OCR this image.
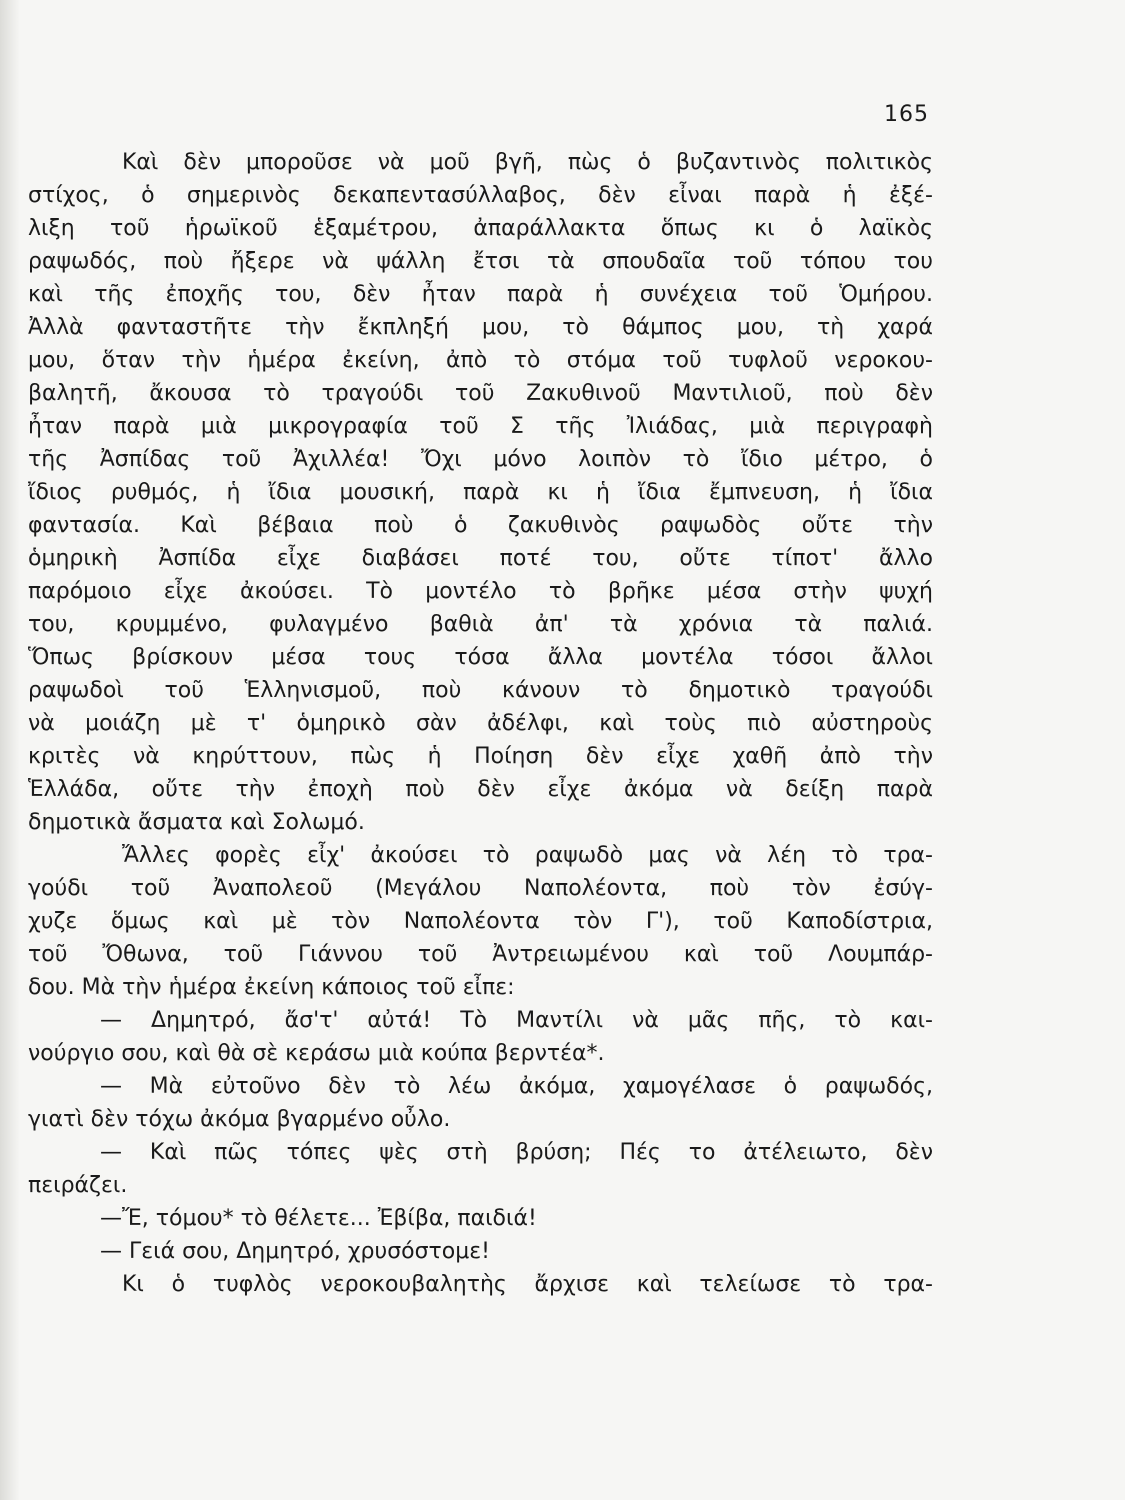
165
Καὶ δὲν μποροῦσε νὰ μοῦ βγῆ, πὼς ὁ βυζαντινὸς πολιτικὸς
στίχος, ὁ σημερινὸς δεκαπεντασύλλαβος, δὲν εἶναι παρὰ ἡ ἐξέ-
λιξη τοῦ ἡρωϊκοῦ ἑξαμέτρου, ἀπαράλλακτα ὅπως κι ὁ λαϊκὸς
ραψωδός, ποὺ ἤξερε νὰ ψάλλη ἔτσι τὰ σπουδαῖα τοῦ τόπου του
καὶ τῆς ἐποχῆς του, δὲν ἦταν παρὰ ἡ συνέχεια τοῦ Ὁμήρου.
Ἀλλὰ φανταστῆτε τὴν ἔκπληξή μου, τὸ θάμπος μου, τὴ χαρά
μου, ὅταν τὴν ἡμέρα ἐκείνη, ἀπὸ τὸ στόμα τοῦ τυφλοῦ νεροκου-
βαλητῆ, ἄκουσα τὸ τραγούδι τοῦ Ζακυθινοῦ Μαντιλιοῦ, ποὺ δὲν
ἦταν παρὰ μιὰ μικρογραφία τοῦ Σ τῆς Ἰλιάδας, μιὰ περιγραφὴ
τῆς Ἀσπίδας τοῦ Ἀχιλλέα! Ὄχι μόνο λοιπὸν τὸ ἴδιο μέτρο, ὁ
ἴδιος ρυθμός, ἡ ἴδια μουσική, παρὰ κι ἡ ἴδια ἔμπνευση, ἡ ἴδια
φαντασία. Καὶ βέβαια ποὺ ὁ ζακυθινὸς ραψωδὸς οὔτε τὴν
ὁμηρικὴ Ἀσπίδα εἶχε διαβάσει ποτέ του, οὔτε τίποτ' ἄλλο
παρόμοιο εἶχε ἀκούσει. Τὸ μοντέλο τὸ βρῆκε μέσα στὴν ψυχή
του, κρυμμένο, φυλαγμένο βαθιὰ ἀπ' τὰ χρόνια τὰ παλιά.
Ὅπως βρίσκουν μέσα τους τόσα ἄλλα μοντέλα τόσοι ἄλλοι
ραψωδοὶ τοῦ Ἑλληνισμοῦ, ποὺ κάνουν τὸ δημοτικὸ τραγούδι
νὰ μοιάζη μὲ τ' ὁμηρικὸ σὰν ἀδέλφι, καὶ τοὺς πιὸ αὐστηροὺς
κριτὲς νὰ κηρύττουν, πὼς ἡ Ποίηση δὲν εἶχε χαθῆ ἀπὸ τὴν
Ἑλλάδα, οὔτε τὴν ἐποχὴ ποὺ δὲν εἶχε ἀκόμα νὰ δείξη παρὰ
δημοτικὰ ἄσματα καὶ Σολωμό.
Ἄλλες φορὲς εἶχ' ἀκούσει τὸ ραψωδὸ μας νὰ λέη τὸ τρα-
γούδι τοῦ Ἀναπολεοῦ (Μεγάλου Ναπολέοντα, ποὺ τὸν ἐσύγ-
χυζε ὅμως καὶ μὲ τὸν Ναπολέοντα τὸν Γ'), τοῦ Καποδίστρια,
τοῦ Ὄθωνα, τοῦ Γιάννου τοῦ Ἀντρειωμένου καὶ τοῦ Λουμπάρ-
δου. Μὰ τὴν ἡμέρα ἐκείνη κάποιος τοῦ εἶπε:
— Δημητρό, ἄσ'τ' αὐτά! Τὸ Μαντίλι νὰ μᾶς πῆς, τὸ και-
νούργιο σου, καὶ θὰ σὲ κεράσω μιὰ κούπα βερντέα*.
— Μὰ εὐτοῦνο δὲν τὸ λέω ἀκόμα, χαμογέλασε ὁ ραψωδός,
γιατὶ δὲν τόχω ἀκόμα βγαρμένο οὖλο.
— Καὶ πῶς τόπες ψὲς στὴ βρύση; Πές το ἀτέλειωτο, δὲν
πειράζει.
—Ἔ, τόμου* τὸ θέλετε... Ἐβίβα, παιδιά!
— Γειά σου, Δημητρό, χρυσόστομε!
Κι ὁ τυφλὸς νεροκουβαλητὴς ἄρχισε καὶ τελείωσε τὸ τρα-
